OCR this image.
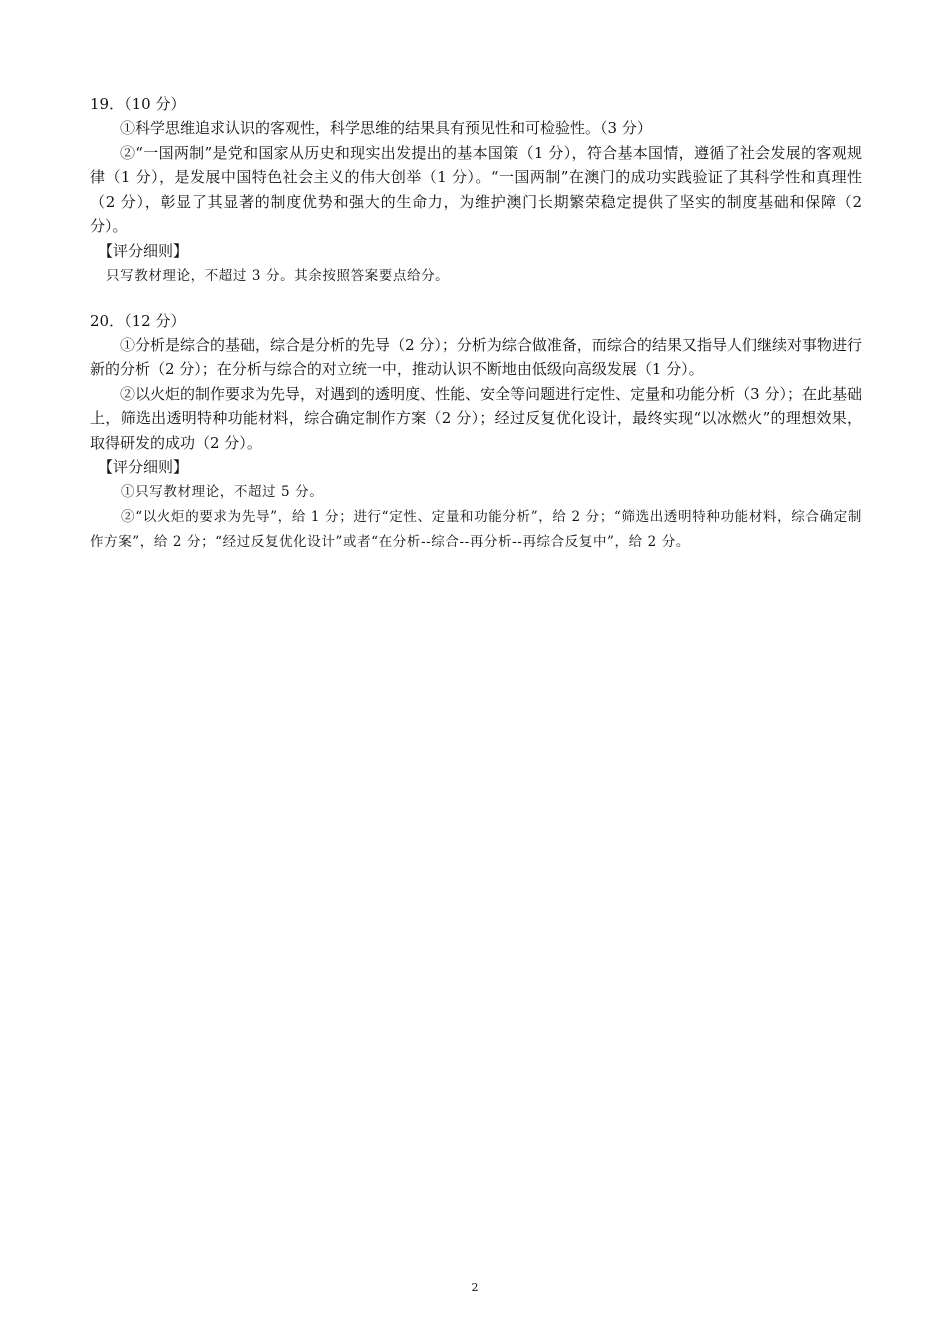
19．（10 分）

①科学思维追求认识的客观性，科学思维的结果具有预见性和可检验性。（3 分）

②“一国两制”是党和国家从历史和现实出发提出的基本国策（1 分），符合基本国情，遵循了社会发展的客观规律（1 分），是发展中国特色社会主义的伟大创举（1 分）。“一国两制”在澳门的成功实践验证了其科学性和真理性（2 分），彰显了其显著的制度优势和强大的生命力，为维护澳门长期繁荣稳定提供了坚实的制度基础和保障（2 分）。

【评分细则】

只写教材理论，不超过 3 分。其余按照答案要点给分。

20．（12 分）

①分析是综合的基础，综合是分析的先导（2 分）；分析为综合做准备，而综合的结果又指导人们继续对事物进行新的分析（2 分）；在分析与综合的对立统一中，推动认识不断地由低级向高级发展（1 分）。

②以火炬的制作要求为先导，对遇到的透明度、性能、安全等问题进行定性、定量和功能分析（3 分）；在此基础上，筛选出透明特种功能材料，综合确定制作方案（2 分）；经过反复优化设计，最终实现“以冰燃火”的理想效果，取得研发的成功（2 分）。

【评分细则】

①只写教材理论，不超过 5 分。

②“以火炬的要求为先导”，给 1 分；进行“定性、定量和功能分析”，给 2 分；“筛选出透明特种功能材料，综合确定制作方案”，给 2 分；“经过反复优化设计”或者“在分析--综合--再分析--再综合反复中”，给 2 分。

2
